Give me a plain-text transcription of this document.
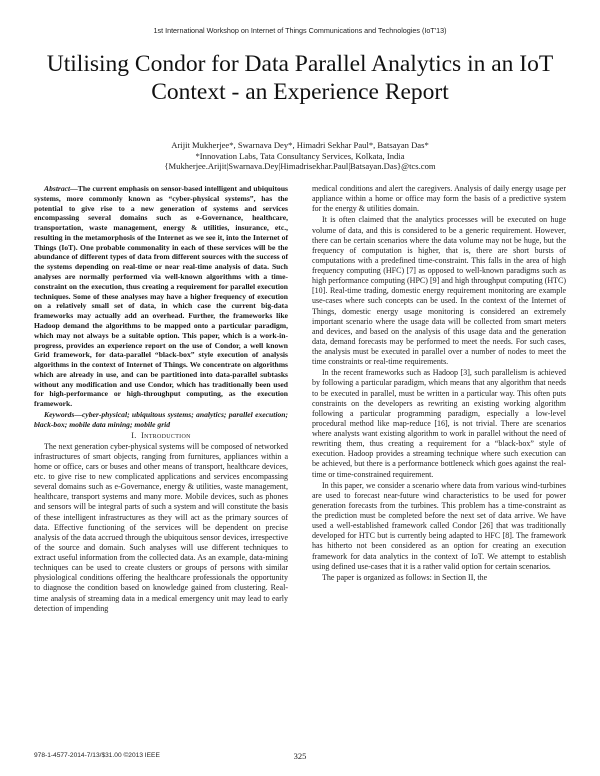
1st International Workshop on Internet of Things Communications and Technologies (IoT'13)
Utilising Condor for Data Parallel Analytics in an IoT Context - an Experience Report
Arijit Mukherjee*, Swarnava Dey*, Himadri Sekhar Paul*, Batsayan Das*
*Innovation Labs, Tata Consultancy Services, Kolkata, India
{Mukherjee.Arijit|Swarnava.Dey|Himadrisekhar.Paul|Batsayan.Das}@tcs.com

Abstract—The current emphasis on sensor-based intelligent and ubiquitous systems, more commonly known as “cyber-physical systems”, has the potential to give rise to a new generation of systems and services encompassing several domains such as e-Governance, healthcare, transportation, waste management, energy & utilities, insurance, etc., resulting in the metamorphosis of the Internet as we see it, into the Internet of Things (IoT). One probable commonality in each of these services will be the abundance of different types of data from different sources with the success of the systems depending on real-time or near real-time analysis of data. Such analyses are normally performed via well-known algorithms with a time-constraint on the execution, thus creating a requirement for parallel execution techniques. Some of these analyses may have a higher frequency of execution on a relatively small set of data, in which case the current big-data frameworks may actually add an overhead. Further, the frameworks like Hadoop demand the algorithms to be mapped onto a particular paradigm, which may not always be a suitable option. This paper, which is a work-in-progress, provides an experience report on the use of Condor, a well known Grid framework, for data-parallel “black-box” style execution of analysis algorithms in the context of Internet of Things. We concentrate on algorithms which are already in use, and can be partitioned into data-parallel subtasks without any modification and use Condor, which has traditionally been used for high-performance or high-throughput computing, as the execution framework.

Keywords—cyber-physical; ubiquitous systems; analytics; parallel execution; black-box; mobile data mining; mobile grid

I. Introduction

The next generation cyber-physical systems will be composed of networked infrastructures of smart objects, ranging from furnitures, appliances within a home or office, cars or buses and other means of transport, healthcare devices, etc. to give rise to new complicated applications and services encompassing several domains such as e-Governance, energy & utilities, waste management, healthcare, transport systems and many more. Mobile devices, such as phones and sensors will be integral parts of such a system and will constitute the basis of these intelligent infrastructures as they will act as the primary sources of data. Effective functioning of the services will be dependent on precise analysis of the data accrued through the ubiquitous sensor devices, irrespective of the source and domain. Such analyses will use different techniques to extract useful information from the collected data. As an example, data-mining techniques can be used to create clusters or groups of persons with similar physiological conditions offering the healthcare professionals the opportunity to diagnose the condition based on knowledge gained from clustering. Real-time analysis of streaming data in a medical emergency unit may lead to early detection of impending

medical conditions and alert the caregivers. Analysis of daily energy usage per appliance within a home or office may form the basis of a predictive system for the energy & utilities domain.

It is often claimed that the analytics processes will be executed on huge volume of data, and this is considered to be a generic requirement. However, there can be certain scenarios where the data volume may not be huge, but the frequency of computation is higher, that is, there are short bursts of computations with a predefined time-constraint. This falls in the area of high frequency computing (HFC) [7] as opposed to well-known paradigms such as high performance computing (HPC) [9] and high throughput computing (HTC) [10]. Real-time trading, domestic energy requirement monitoring are example use-cases where such concepts can be used. In the context of the Internet of Things, domestic energy usage monitoring is considered an extremely important scenario where the usage data will be collected from smart meters and devices, and based on the analysis of this usage data and the generation data, demand forecasts may be performed to meet the needs. For such cases, the analysis must be executed in parallel over a number of nodes to meet the time constraints or real-time requirements.

In the recent frameworks such as Hadoop [3], such parallelism is achieved by following a particular paradigm, which means that any algorithm that needs to be executed in parallel, must be written in a particular way. This often puts constraints on the developers as rewriting an existing working algorithm following a particular programming paradigm, especially a low-level procedural method like map-reduce [16], is not trivial. There are scenarios where analysts want existing algorithm to work in parallel without the need of rewriting them, thus creating a requirement for a “black-box” style of execution. Hadoop provides a streaming technique where such execution can be achieved, but there is a performance bottleneck which goes against the real-time or time-constrained requirement.

In this paper, we consider a scenario where data from various wind-turbines are used to forecast near-future wind characteristics to be used for power generation forecasts from the turbines. This problem has a time-constraint as the prediction must be completed before the next set of data arrive. We have used a well-established framework called Condor [26] that was traditionally developed for HTC but is currently being adapted to HFC [8]. The framework has hitherto not been considered as an option for creating an execution framework for data analytics in the context of IoT. We attempt to establish using defined use-cases that it is a rather valid option for certain scenarios.

The paper is organized as follows: in Section II, the

978-1-4577-2014-7/13/$31.00 ©2013 IEEE	325
